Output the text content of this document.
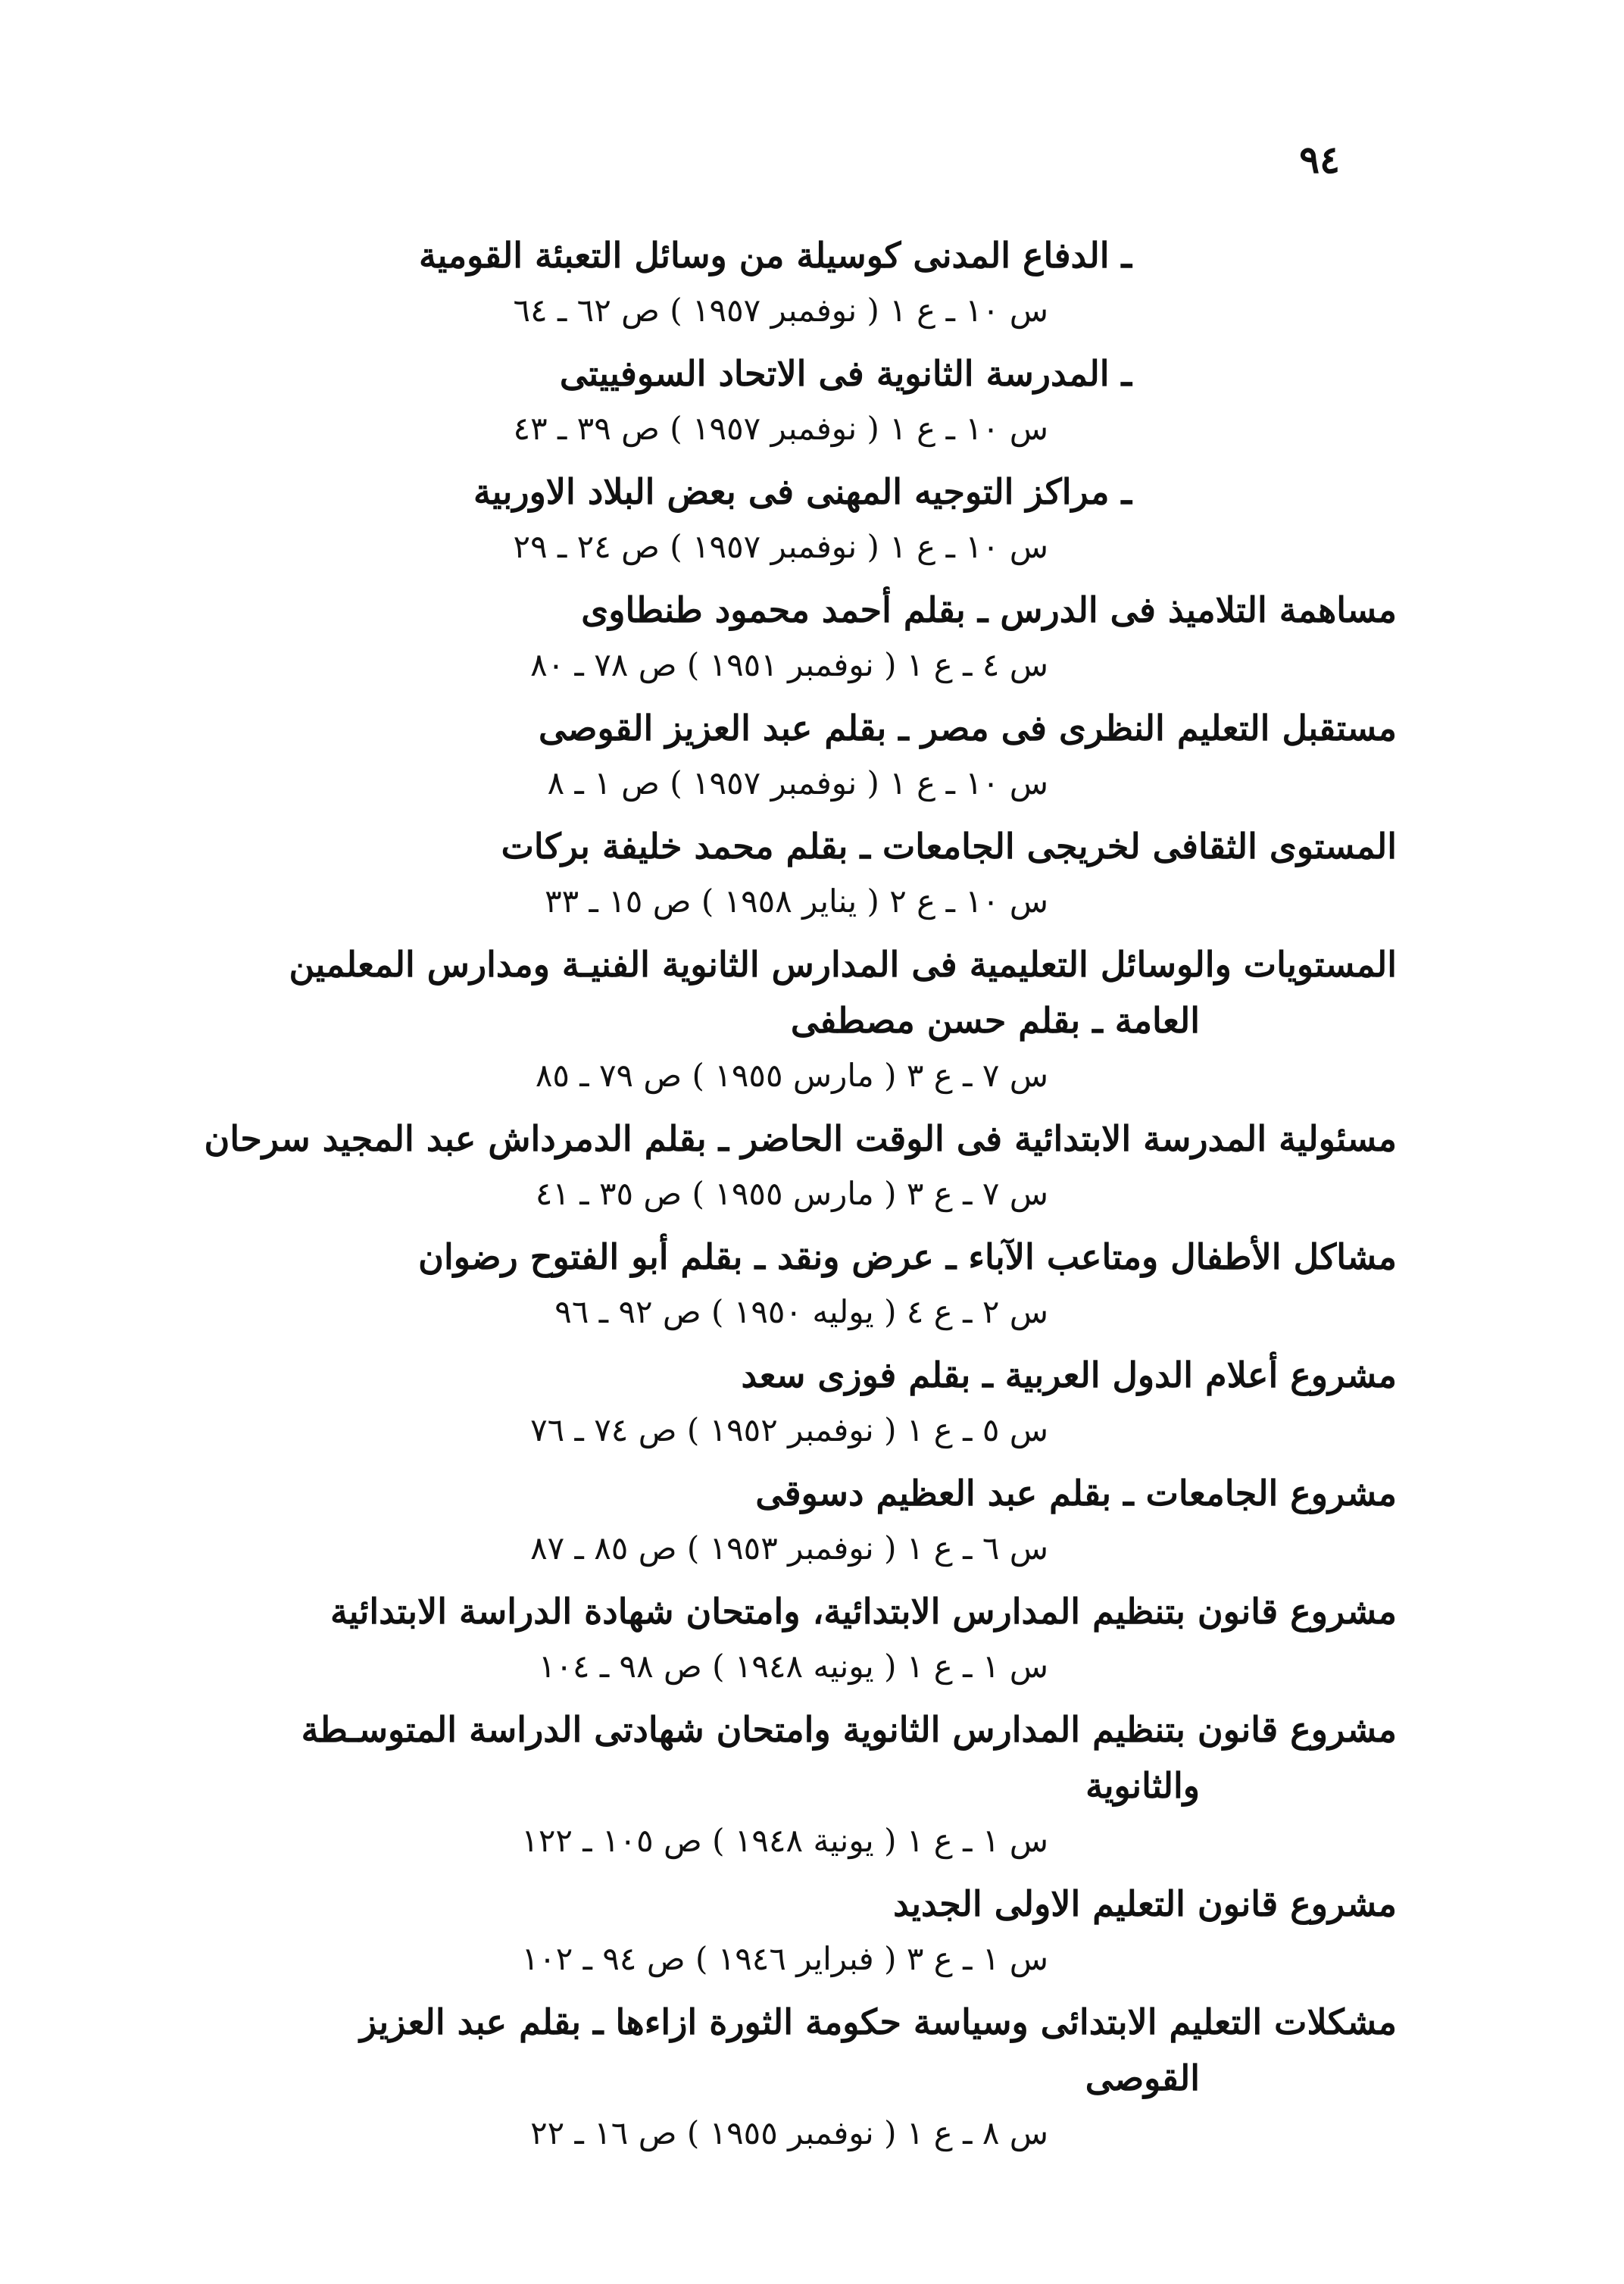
٩٤
ـ الدفاع المدنى كوسيلة من وسائل التعبئة القومية
س ١٠ ـ ع ١ ( نوفمبر ١٩٥٧ ) ص ٦٢ ـ ٦٤
ـ المدرسة الثانوية فى الاتحاد السوفييتى
س ١٠ ـ ع ١ ( نوفمبر ١٩٥٧ ) ص ٣٩ ـ ٤٣
ـ مراكز التوجيه المهنى فى بعض البلاد الاوربية
س ١٠ ـ ع ١ ( نوفمبر ١٩٥٧ ) ص ٢٤ ـ ٢٩
مساهمة التلاميذ فى الدرس ـ بقلم أحمد محمود طنطاوى
س ٤ ـ ع ١ ( نوفمبر ١٩٥١ ) ص ٧٨ ـ ٨٠
مستقبل التعليم النظرى فى مصر ـ بقلم عبد العزيز القوصى
س ١٠ ـ ع ١ ( نوفمبر ١٩٥٧ ) ص ١ ـ ٨
المستوى الثقافى لخريجى الجامعات ـ بقلم محمد خليفة بركات
س ١٠ ـ ع ٢ ( يناير ١٩٥٨ ) ص ١٥ ـ ٣٣
المستويات والوسائل التعليمية فى المدارس الثانوية الفنيـة ومدارس المعلمين
العامة ـ بقلم حسن مصطفى
س ٧ ـ ع ٣ ( مارس ١٩٥٥ ) ص ٧٩ ـ ٨٥
مسئولية المدرسة الابتدائية فى الوقت الحاضر ـ بقلم الدمرداش عبد المجيد سرحان
س ٧ ـ ع ٣ ( مارس ١٩٥٥ ) ص ٣٥ ـ ٤١
مشاكل الأطفال ومتاعب الآباء ـ عرض ونقد ـ بقلم أبو الفتوح رضوان
س ٢ ـ ع ٤ ( يوليه ١٩٥٠ ) ص ٩٢ ـ ٩٦
مشروع أعلام الدول العربية ـ بقلم فوزى سعد
س ٥ ـ ع ١ ( نوفمبر ١٩٥٢ ) ص ٧٤ ـ ٧٦
مشروع الجامعات ـ بقلم عبد العظيم دسوقى
س ٦ ـ ع ١ ( نوفمبر ١٩٥٣ ) ص ٨٥ ـ ٨٧
مشروع قانون بتنظيم المدارس الابتدائية، وامتحان شهادة الدراسة الابتدائية
س ١ ـ ع ١ ( يونيه ١٩٤٨ ) ص ٩٨ ـ ١٠٤
مشروع قانون بتنظيم المدارس الثانوية وامتحان شهادتى الدراسة المتوسـطة
والثانوية
س ١ ـ ع ١ ( يونية ١٩٤٨ ) ص ١٠٥ ـ ١٢٢
مشروع قانون التعليم الاولى الجديد
س ١ ـ ع ٣ ( فبراير ١٩٤٦ ) ص ٩٤ ـ ١٠٢
مشكلات التعليم الابتدائى وسياسة حكومة الثورة ازاءها ـ بقلم عبد العزيز
القوصى
س ٨ ـ ع ١ ( نوفمبر ١٩٥٥ ) ص ١٦ ـ ٢٢
